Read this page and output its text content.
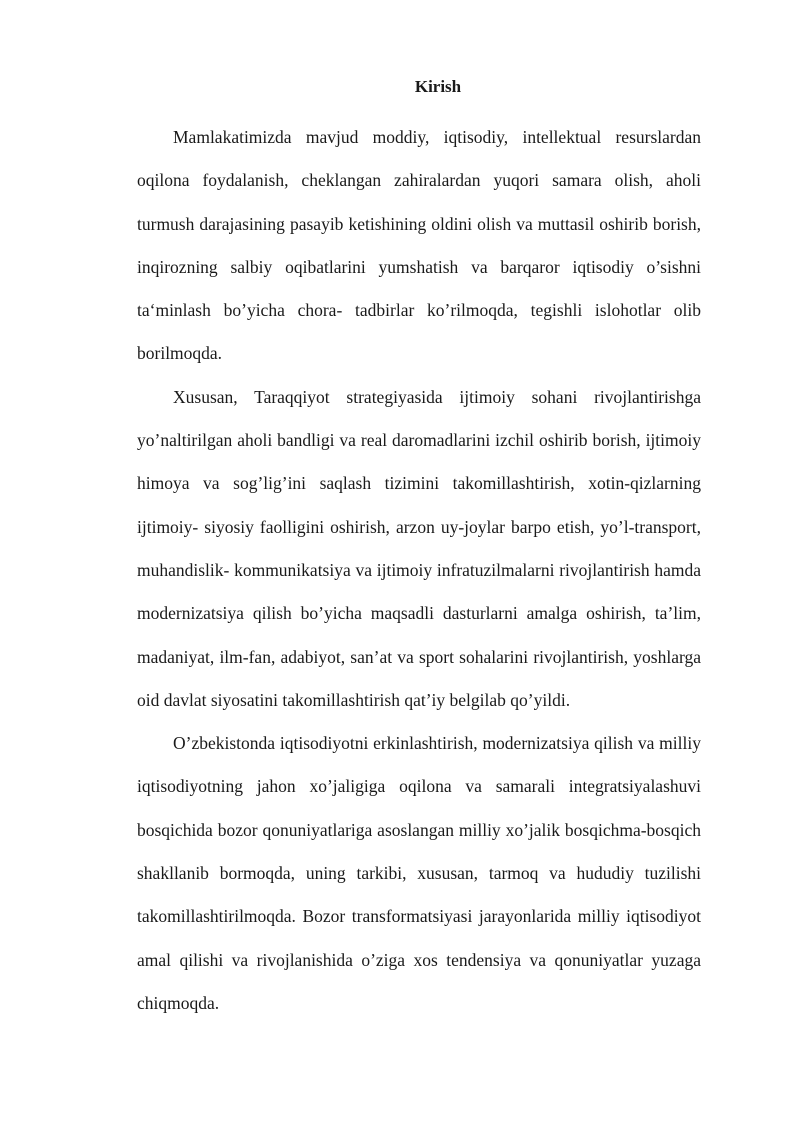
Kirish

Mamlakatimizda mavjud moddiy, iqtisodiy, intellektual resurslardan oqilona foydalanish, cheklangan zahiralardan yuqori samara olish, aholi turmush darajasining pasayib ketishining oldini olish va muttasil oshirib borish, inqirozning salbiy oqibatlarini yumshatish va barqaror iqtisodiy o’sishni ta‘minlash bo’yicha chora- tadbirlar ko’rilmoqda, tegishli islohotlar olib borilmoqda.

Xususan, Taraqqiyot strategiyasida ijtimoiy sohani rivojlantirishga yo’naltirilgan aholi bandligi va real daromadlarini izchil oshirib borish, ijtimoiy himoya va sog’lig’ini saqlash tizimini takomillashtirish, xotin-qizlarning ijtimoiy- siyosiy faolligini oshirish, arzon uy-joylar barpo etish, yo’l-transport, muhandislik- kommunikatsiya va ijtimoiy infratuzilmalarni rivojlantirish hamda modernizatsiya qilish bo’yicha maqsadli dasturlarni amalga oshirish, ta’lim, madaniyat, ilm-fan, adabiyot, san’at va sport sohalarini rivojlantirish, yoshlarga oid davlat siyosatini takomillashtirish qat’iy belgilab qo’yildi.

O’zbekistonda iqtisodiyotni erkinlashtirish, modernizatsiya qilish va milliy iqtisodiyotning jahon xo’jaligiga oqilona va samarali integratsiyalashuvi bosqichida bozor qonuniyatlariga asoslangan milliy xo’jalik bosqichma-bosqich shakllanib bormoqda, uning tarkibi, xususan, tarmoq va hududiy tuzilishi takomillashtirilmoqda. Bozor transformatsiyasi jarayonlarida milliy iqtisodiyot amal qilishi va rivojlanishida o’ziga xos tendensiya va qonuniyatlar yuzaga chiqmoqda.
